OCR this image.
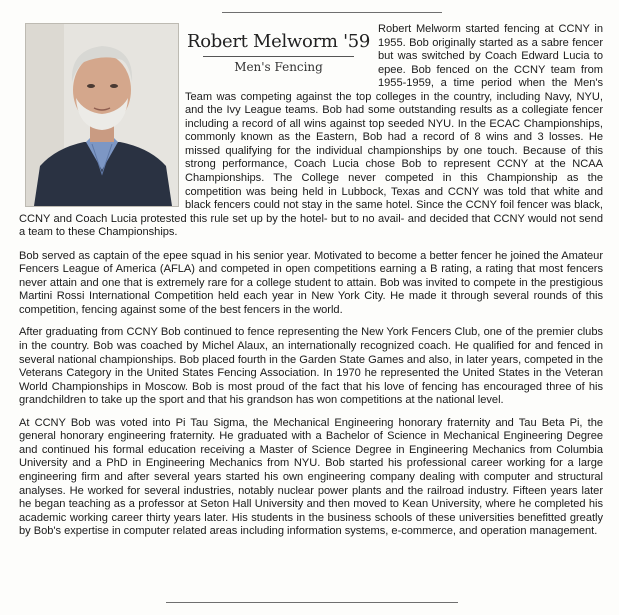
Robert Melworm '59
Men's Fencing

Robert Melworm started fencing at CCNY in 1955. Bob originally started as a sabre fencer but was switched by Coach Edward Lucia to epee. Bob fenced on the CCNY team from 1955-1959, a time period when the Men's Team was competing against the top colleges in the country, including Navy, NYU, and the Ivy League teams. Bob had some outstanding results as a collegiate fencer including a record of all wins against top seeded NYU. In the ECAC Championships, commonly known as the Eastern, Bob had a record of 8 wins and 3 losses. He missed qualifying for the individual championships by one touch. Because of this strong performance, Coach Lucia chose Bob to represent CCNY at the NCAA Championships. The College never competed in this Championship as the competition was being held in Lubbock, Texas and CCNY was told that white and black fencers could not stay in the same hotel. Since the CCNY foil fencer was black, CCNY and Coach Lucia protested this rule set up by the hotel- but to no avail- and decided that CCNY would not send a team to these Championships.

Bob served as captain of the epee squad in his senior year. Motivated to become a better fencer he joined the Amateur Fencers League of America (AFLA) and competed in open competitions earning a B rating, a rating that most fencers never attain and one that is extremely rare for a college student to attain. Bob was invited to compete in the prestigious Martini Rossi International Competition held each year in New York City. He made it through several rounds of this competition, fencing against some of the best fencers in the world.

After graduating from CCNY Bob continued to fence representing the New York Fencers Club, one of the premier clubs in the country. Bob was coached by Michel Alaux, an internationally recognized coach. He qualified for and fenced in several national championships. Bob placed fourth in the Garden State Games and also, in later years, competed in the Veterans Category in the United States Fencing Association. In 1970 he represented the United States in the Veteran World Championships in Moscow. Bob is most proud of the fact that his love of fencing has encouraged three of his grandchildren to take up the sport and that his grandson has won competitions at the national level.

At CCNY Bob was voted into Pi Tau Sigma, the Mechanical Engineering honorary fraternity and Tau Beta Pi, the general honorary engineering fraternity. He graduated with a Bachelor of Science in Mechanical Engineering Degree and continued his formal education receiving a Master of Science Degree in Engineering Mechanics from Columbia University and a PhD in Engineering Mechanics from NYU. Bob started his professional career working for a large engineering firm and after several years started his own engineering company dealing with computer and structural analyses. He worked for several industries, notably nuclear power plants and the railroad industry. Fifteen years later he began teaching as a professor at Seton Hall University and then moved to Kean University, where he completed his academic working career thirty years later. His students in the business schools of these universities benefitted greatly by Bob's expertise in computer related areas including information systems, e-commerce, and operation management.
